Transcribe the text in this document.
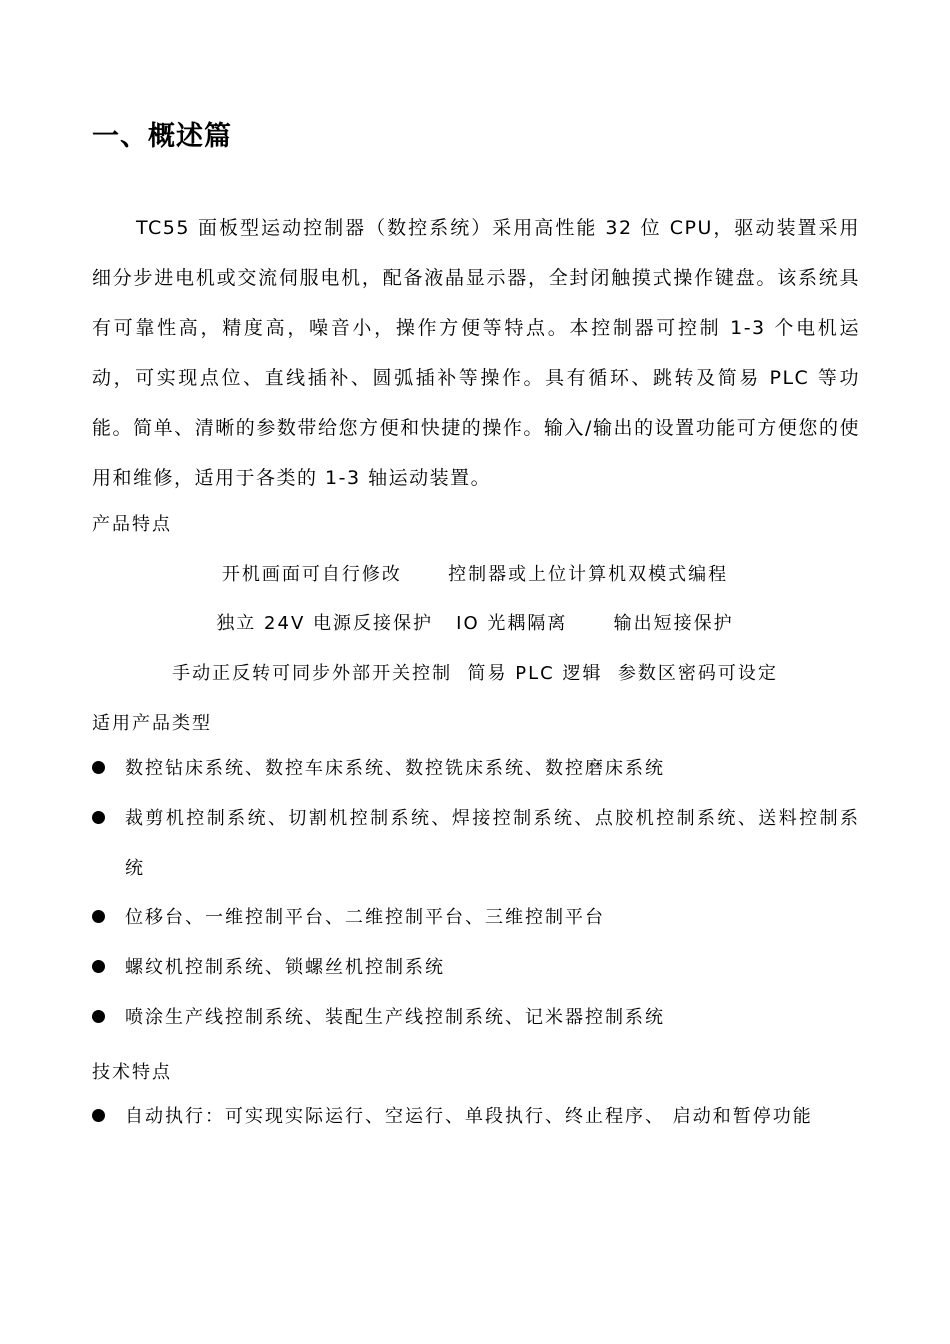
一、概述篇
TC55 面板型运动控制器（数控系统）采用高性能 32 位 CPU，驱动装置采用细分步进电机或交流伺服电机，配备液晶显示器，全封闭触摸式操作键盘。该系统具有可靠性高，精度高，噪音小，操作方便等特点。本控制器可控制 1-3 个电机运动，可实现点位、直线插补、圆弧插补等操作。具有循环、跳转及简易 PLC 等功能。简单、清晰的参数带给您方便和快捷的操作。输入/输出的设置功能可方便您的使用和维修，适用于各类的 1-3 轴运动装置。
产品特点
开机画面可自行修改      控制器或上位计算机双模式编程
独立 24V 电源反接保护   IO 光耦隔离      输出短接保护
手动正反转可同步外部开关控制  简易 PLC 逻辑  参数区密码可设定
适用产品类型
数控钻床系统、数控车床系统、数控铣床系统、数控磨床系统
裁剪机控制系统、切割机控制系统、焊接控制系统、点胶机控制系统、送料控制系统
位移台、一维控制平台、二维控制平台、三维控制平台
螺纹机控制系统、锁螺丝机控制系统
喷涂生产线控制系统、装配生产线控制系统、记米器控制系统
技术特点
自动执行：可实现实际运行、空运行、单段执行、终止程序、 启动和暂停功能
